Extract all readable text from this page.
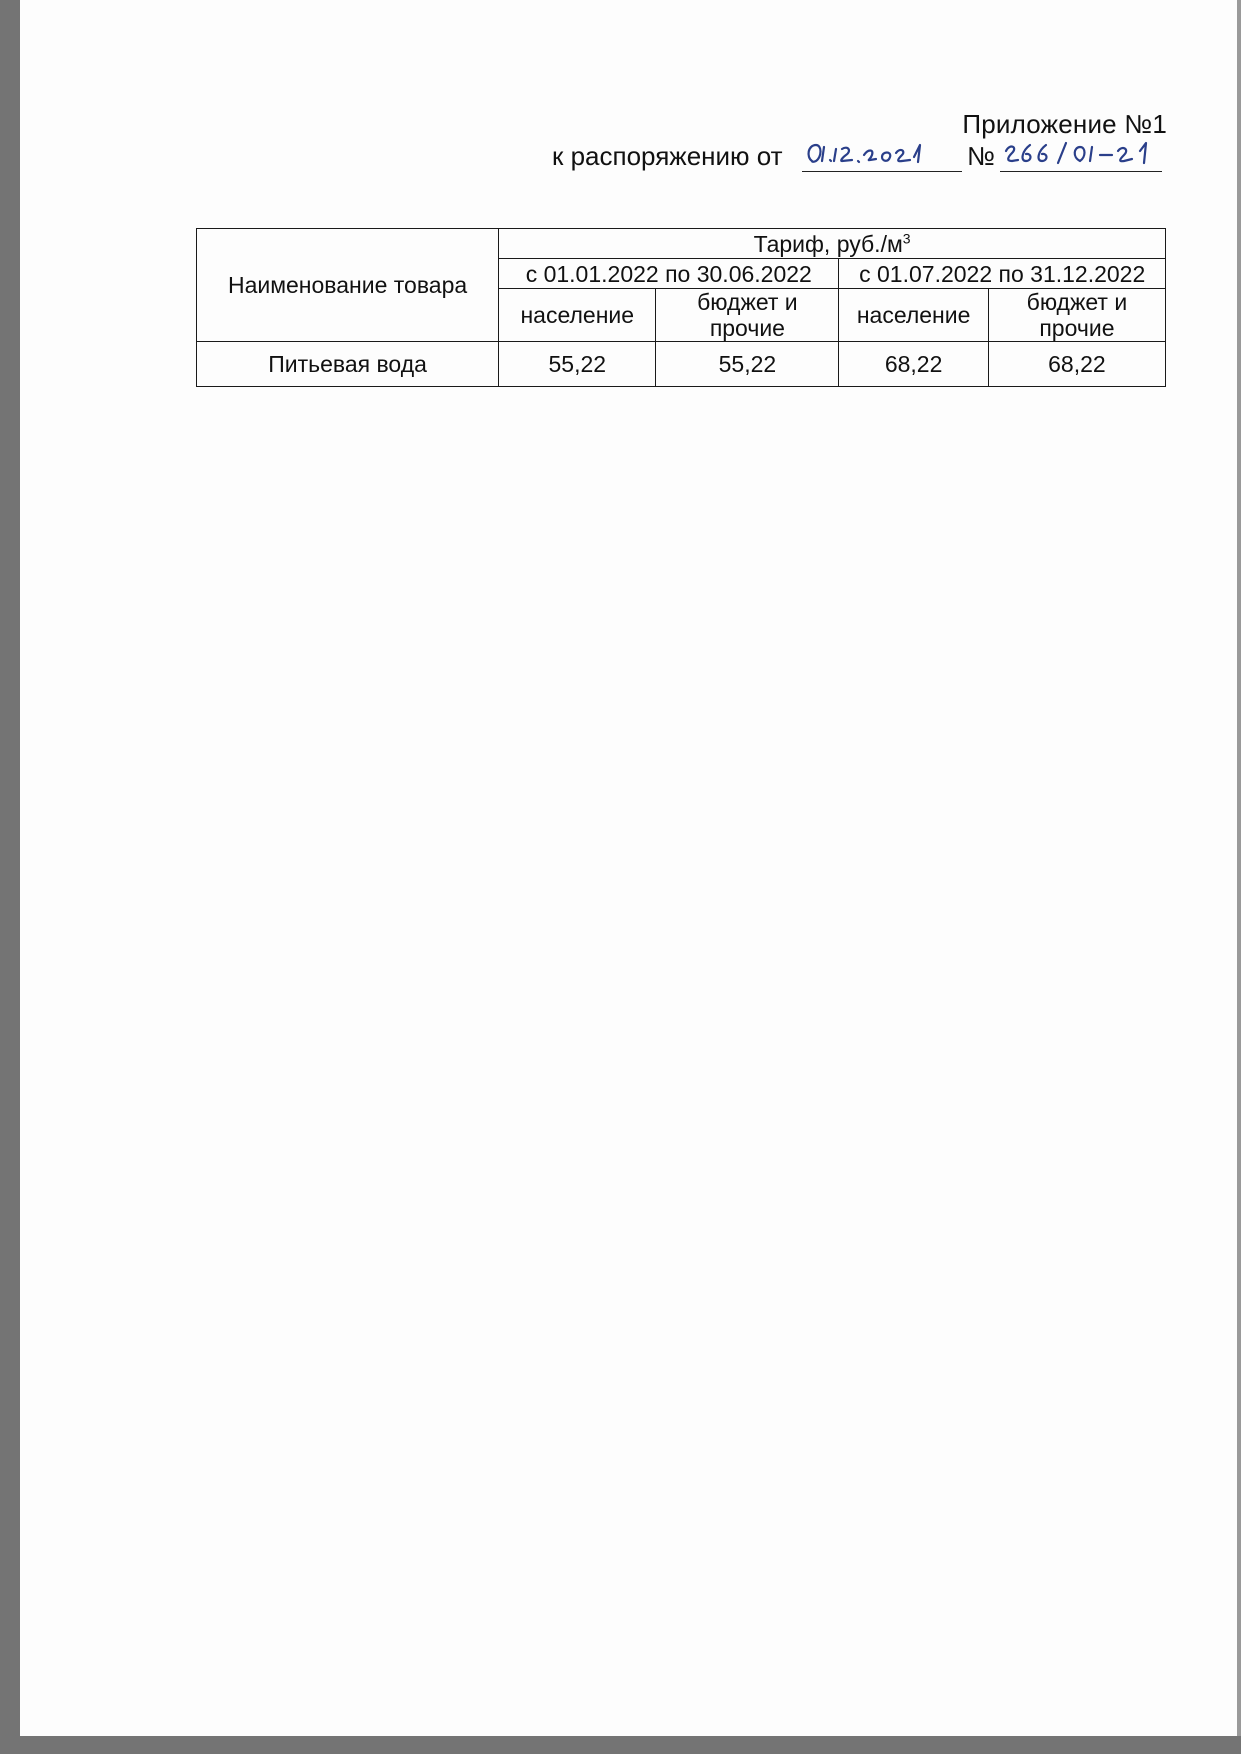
Приложение №1
к распоряжению от	№
Наименование товара	Тариф, $руб./м^3$
	с 01.01.2022 по 30.06.2022		с 01.07.2022 по 31.12.2022	
	население	бюджет и прочие	население	бюджет и прочие
Питьевая вода	55,22	55,22	68,22	68,22
